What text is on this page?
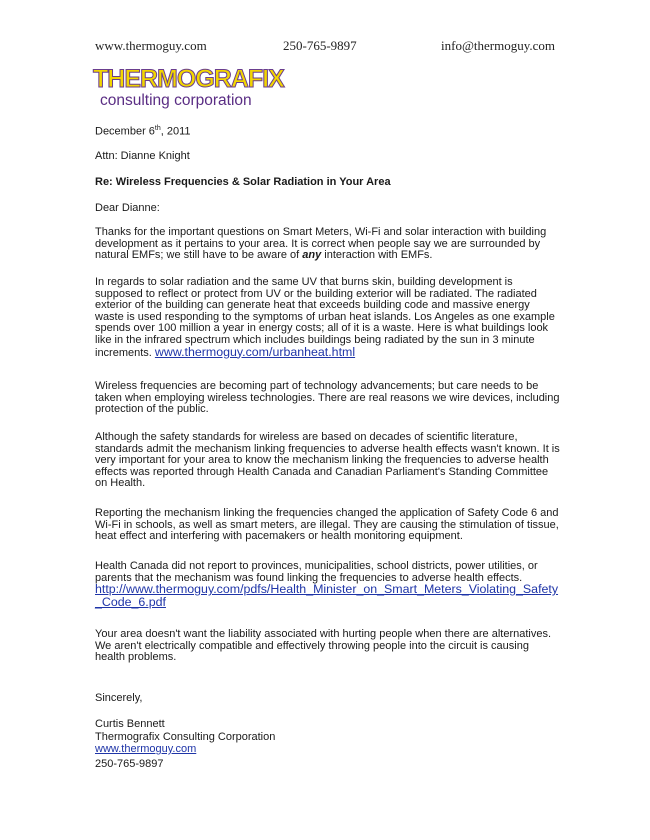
www.thermoguy.com	250-765-9897	info@thermoguy.com
THERMOGRAFIX
consulting corporation
December 6th, 2011
Attn: Dianne Knight
Re: Wireless Frequencies & Solar Radiation in Your Area
Dear Dianne:

Thanks for the important questions on Smart Meters, Wi-Fi and solar interaction with building development as it pertains to your area. It is correct when people say we are surrounded by natural EMFs; we still have to be aware of any interaction with EMFs.

In regards to solar radiation and the same UV that burns skin, building development is supposed to reflect or protect from UV or the building exterior will be radiated. The radiated exterior of the building can generate heat that exceeds building code and massive energy waste is used responding to the symptoms of urban heat islands. Los Angeles as one example spends over 100 million a year in energy costs; all of it is a waste. Here is what buildings look like in the infrared spectrum which includes buildings being radiated by the sun in 3 minute increments. www.thermoguy.com/urbanheat.html

Wireless frequencies are becoming part of technology advancements; but care needs to be taken when employing wireless technologies. There are real reasons we wire devices, including protection of the public.

Although the safety standards for wireless are based on decades of scientific literature, standards admit the mechanism linking frequencies to adverse health effects wasn't known. It is very important for your area to know the mechanism linking the frequencies to adverse health effects was reported through Health Canada and Canadian Parliament's Standing Committee on Health.

Reporting the mechanism linking the frequencies changed the application of Safety Code 6 and Wi-Fi in schools, as well as smart meters, are illegal. They are causing the stimulation of tissue, heat effect and interfering with pacemakers or health monitoring equipment.

Health Canada did not report to provinces, municipalities, school districts, power utilities, or parents that the mechanism was found linking the frequencies to adverse health effects.
http://www.thermoguy.com/pdfs/Health_Minister_on_Smart_Meters_Violating_Safety_Code_6.pdf

Your area doesn't want the liability associated with hurting people when there are alternatives. We aren't electrically compatible and effectively throwing people into the circuit is causing health problems.

Sincerely,
Curtis Bennett
Thermografix Consulting Corporation
www.thermoguy.com
250-765-9897
